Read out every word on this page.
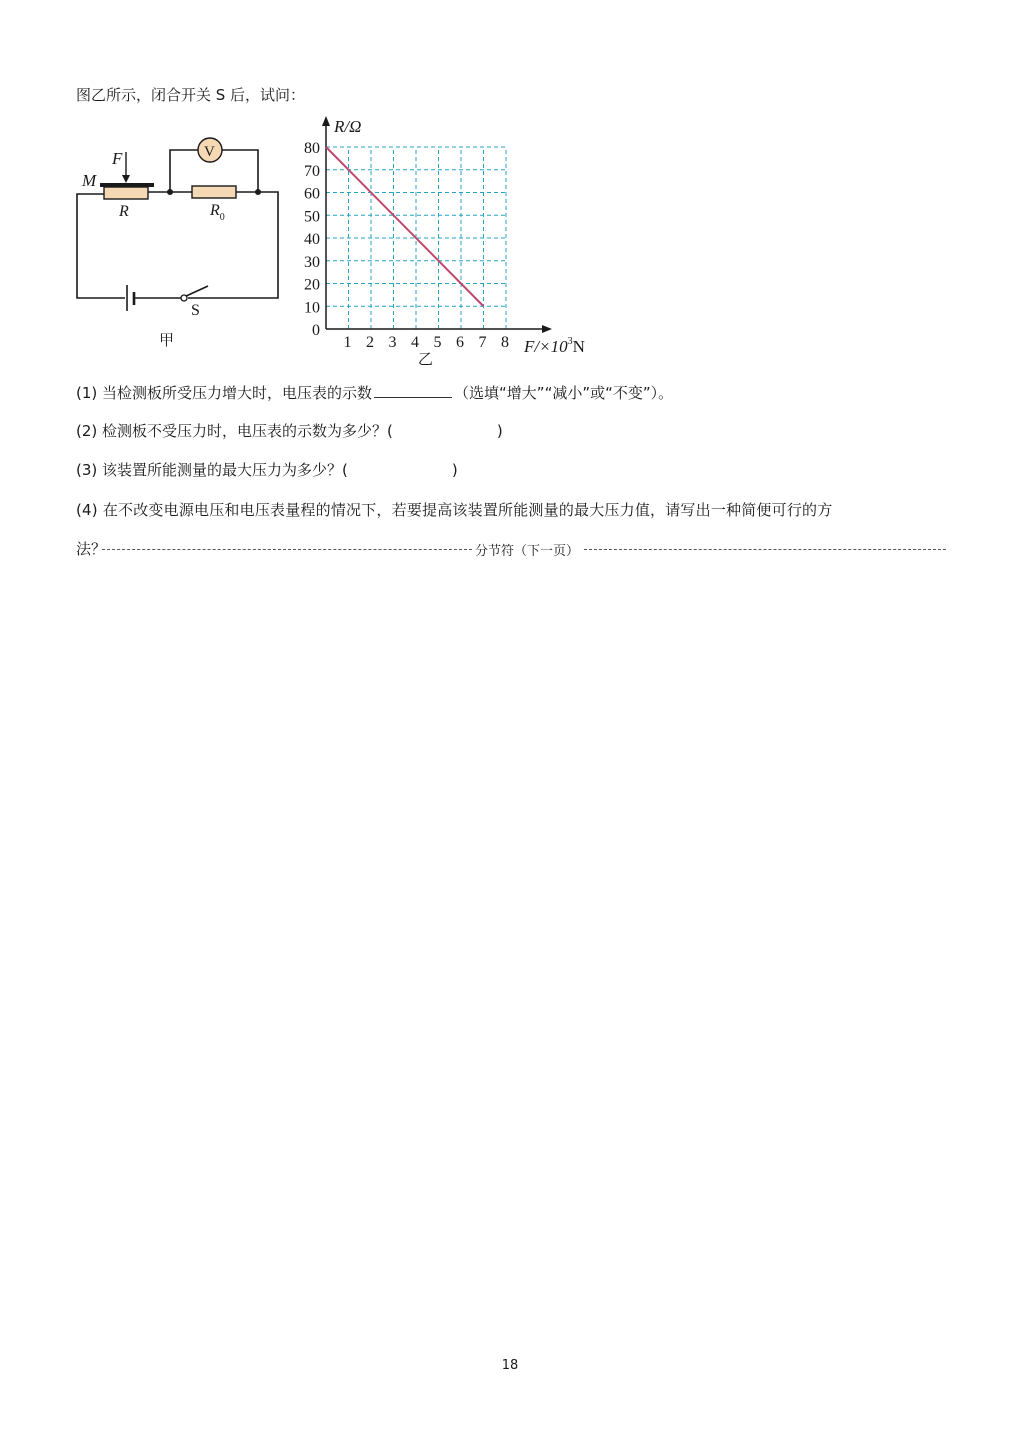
图乙所示，闭合开关 S 后，试问：
F
M
R	$R_0$
V
S
甲	1 2 3 4 5 6 7 8
0
10
20
30
40
50
60
70
80
R/Ω
$F/\times 10^3N$
乙
(1) 当检测板所受压力增大时，电压表的示数	（选填“增大”“减小”或“不变”）。
(2) 检测板不受压力时，电压表的示数为多少？(	)
(3) 该装置所能测量的最大压力为多少？(	)
(4) 在不改变电源电压和电压表量程的情况下，若要提高该装置所能测量的最大压力值，请写出一种简便可行的方
法？	分节符（下一页）
18
